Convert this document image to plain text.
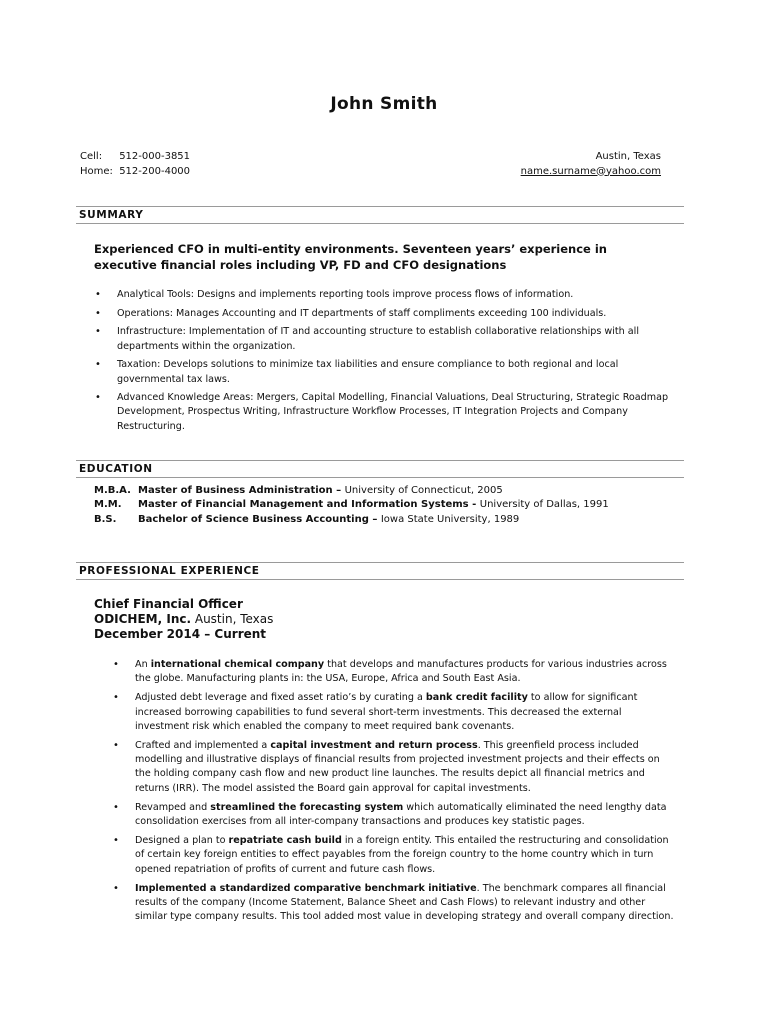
John Smith
Cell: 512-000-3851
Home: 512-200-4000
Austin, Texas
name.surname@yahoo.com
SUMMARY
Experienced CFO in multi-entity environments. Seventeen years’ experience in executive financial roles including VP, FD and CFO designations
• Analytical Tools: Designs and implements reporting tools improve process flows of information.
• Operations: Manages Accounting and IT departments of staff compliments exceeding 100 individuals.
• Infrastructure: Implementation of IT and accounting structure to establish collaborative relationships with all departments within the organization.
• Taxation: Develops solutions to minimize tax liabilities and ensure compliance to both regional and local governmental tax laws.
• Advanced Knowledge Areas: Mergers, Capital Modelling, Financial Valuations, Deal Structuring, Strategic Roadmap Development, Prospectus Writing, Infrastructure Workflow Processes, IT Integration Projects and Company Restructuring.
EDUCATION
M.B.A. Master of Business Administration – University of Connecticut, 2005
M.M. Master of Financial Management and Information Systems - University of Dallas, 1991
B.S. Bachelor of Science Business Accounting – Iowa State University, 1989
PROFESSIONAL EXPERIENCE
Chief Financial Officer
ODICHEM, Inc. Austin, Texas
December 2014 – Current
• An international chemical company that develops and manufactures products for various industries across the globe. Manufacturing plants in: the USA, Europe, Africa and South East Asia.
• Adjusted debt leverage and fixed asset ratio’s by curating a bank credit facility to allow for significant increased borrowing capabilities to fund several short-term investments. This decreased the external investment risk which enabled the company to meet required bank covenants.
• Crafted and implemented a capital investment and return process. This greenfield process included modelling and illustrative displays of financial results from projected investment projects and their effects on the holding company cash flow and new product line launches. The results depict all financial metrics and returns (IRR). The model assisted the Board gain approval for capital investments.
• Revamped and streamlined the forecasting system which automatically eliminated the need lengthy data consolidation exercises from all inter-company transactions and produces key statistic pages.
• Designed a plan to repatriate cash build in a foreign entity. This entailed the restructuring and consolidation of certain key foreign entities to effect payables from the foreign country to the home country which in turn opened repatriation of profits of current and future cash flows.
• Implemented a standardized comparative benchmark initiative. The benchmark compares all financial results of the company (Income Statement, Balance Sheet and Cash Flows) to relevant industry and other similar type company results. This tool added most value in developing strategy and overall company direction.
